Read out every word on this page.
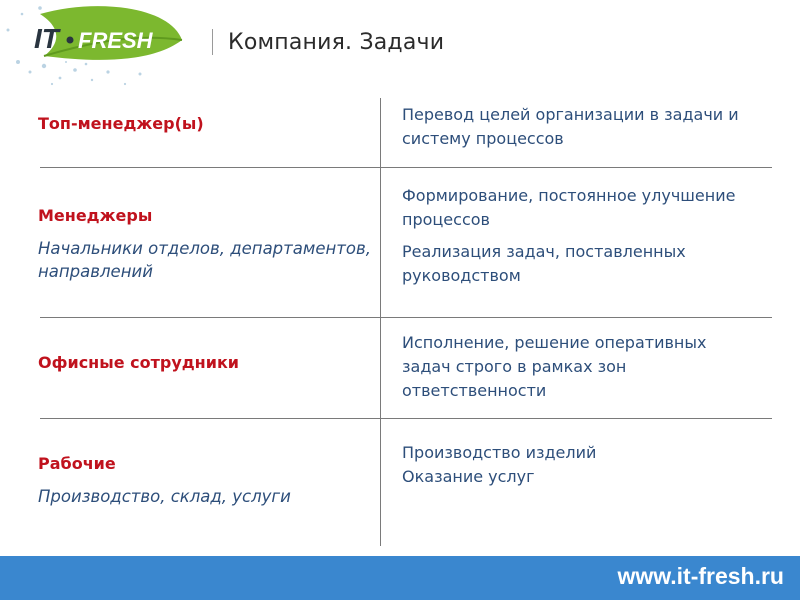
IT FRESH	Компания. Задачи

Топ-менеджер(ы)	Перевод целей организации в задачи и системy процессов

Менеджеры

Начальники отделов, департаментов, направлений

Формирование, постоянное улучшение процессов

Реализация задач, поставленных руководством

Офисные сотрудники

Исполнение, решение оперативных задач строго в рамках зон ответственности

Рабочие

Производство, склад, услуги

Производство изделий
Оказание услуг

www.it-fresh.ru
